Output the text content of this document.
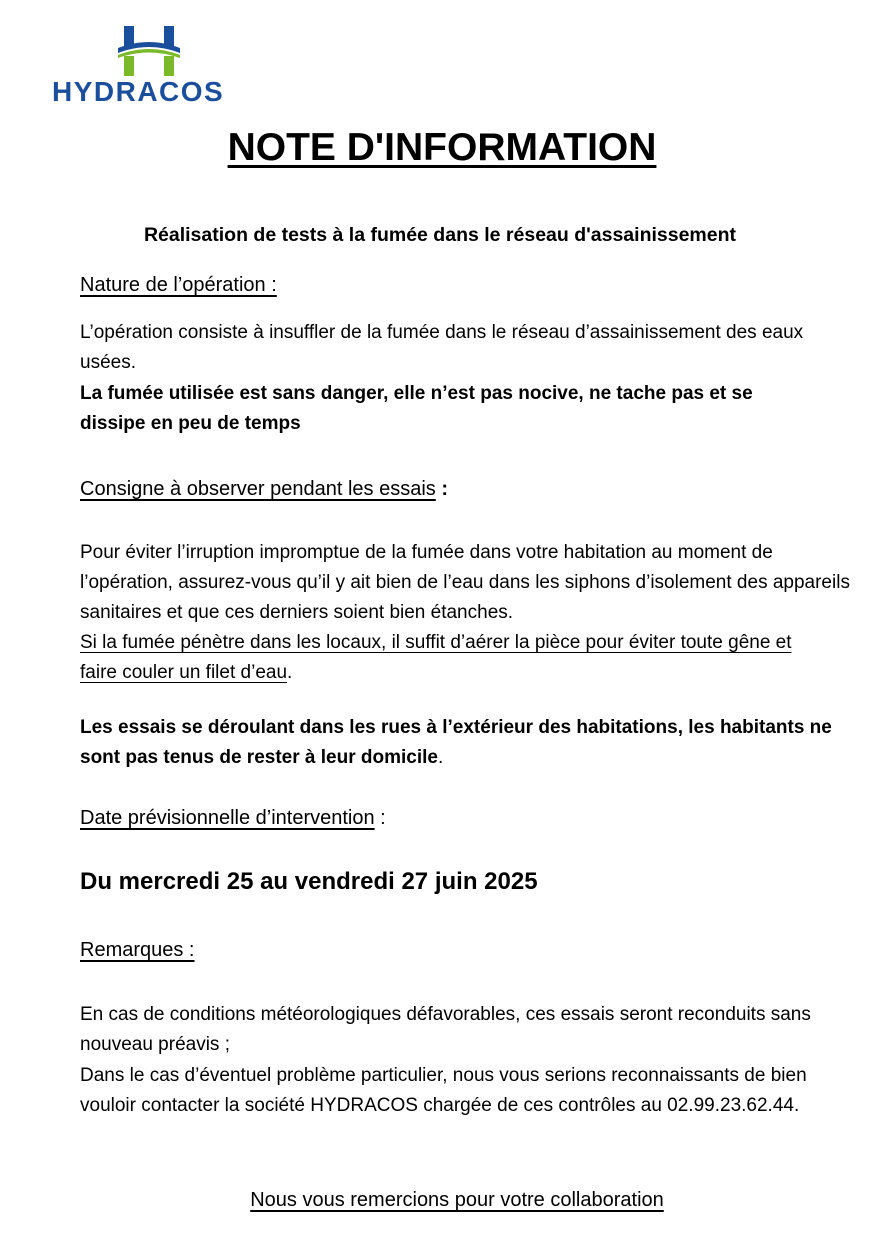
HYDRACOS
NOTE D'INFORMATION
Réalisation de tests à la fumée dans le réseau d'assainissement
Nature de l’opération :
L’opération consiste à insuffler de la fumée dans le réseau d’assainissement des eaux usées.
La fumée utilisée est sans danger, elle n’est pas nocive, ne tache pas et se dissipe en peu de temps
Consigne à observer pendant les essais :
Pour éviter l’irruption impromptue de la fumée dans votre habitation au moment de l’opération, assurez-vous qu’il y ait bien de l’eau dans les siphons d’isolement des appareils sanitaires et que ces derniers soient bien étanches.
Si la fumée pénètre dans les locaux, il suffit d’aérer la pièce pour éviter toute gêne et faire couler un filet d’eau.
Les essais se déroulant dans les rues à l’extérieur des habitations, les habitants ne sont pas tenus de rester à leur domicile.
Date prévisionnelle d’intervention :
Du mercredi 25 au vendredi 27 juin 2025
Remarques :
En cas de conditions météorologiques défavorables, ces essais seront reconduits sans nouveau préavis ;
Dans le cas d’éventuel problème particulier, nous vous serions reconnaissants de bien vouloir contacter la société HYDRACOS chargée de ces contrôles au 02.99.23.62.44.
Nous vous remercions pour votre collaboration
